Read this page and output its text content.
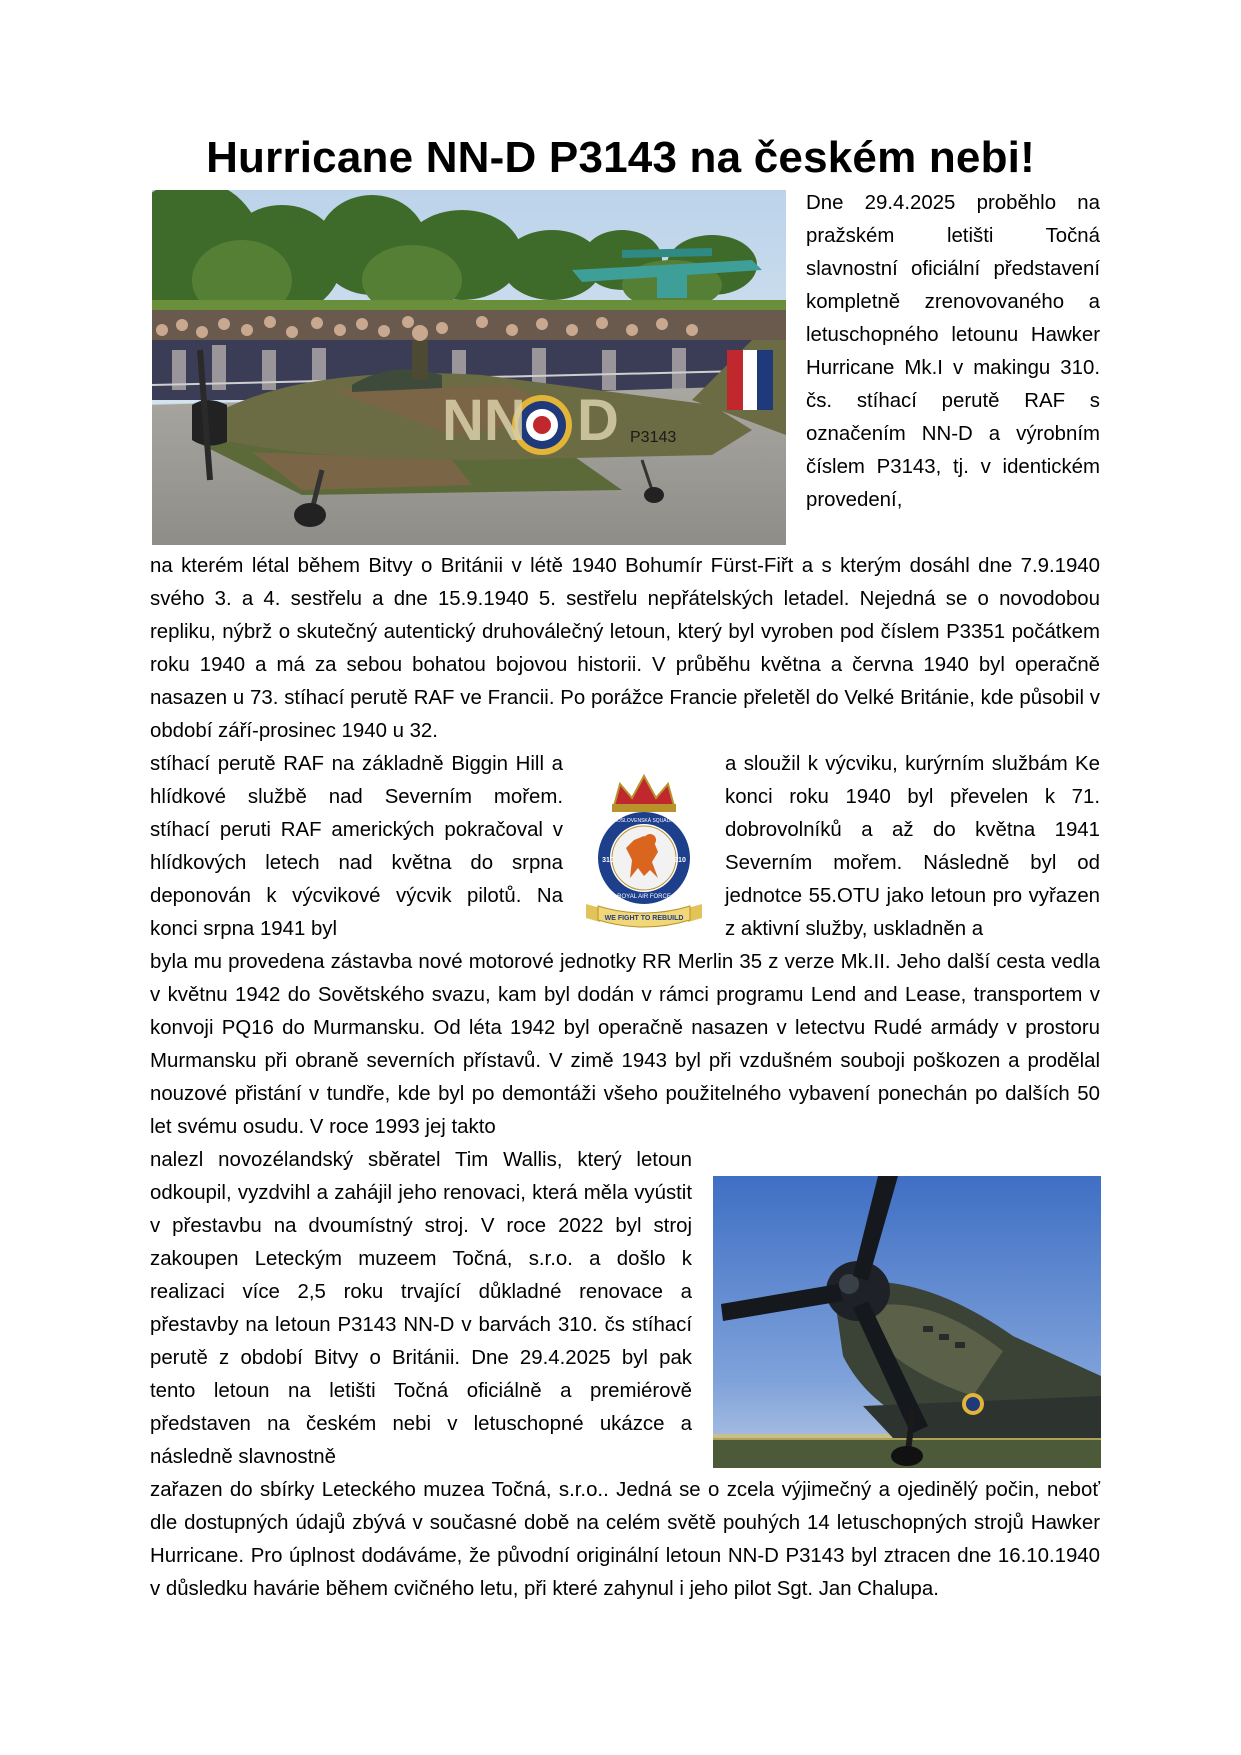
Hurricane NN-D P3143 na českém nebi!
NN D P3143

Dne 29.4.2025 proběhlo na pražském letišti Točná slavnostní oficiální představení kompletně zrenovovaného a letuschopného letounu Hawker Hurricane Mk.I v makingu 310. čs. stíhací perutě RAF s označením NN-D a výrobním číslem P3143, tj. v identickém provedení,

na kterém létal během Bitvy o Británii v létě 1940 Bohumír Fürst-Fiřt a s kterým dosáhl dne 7.9.1940 svého 3. a 4. sestřelu a dne 15.9.1940 5. sestřelu nepřátelských letadel. Nejedná se o novodobou repliku, nýbrž o skutečný autentický druhoválečný letoun, který byl vyroben pod číslem P3351 počátkem roku 1940 a má za sebou bohatou bojovou historii. V průběhu května a června 1940 byl operačně nasazen u 73. stíhací perutě RAF ve Francii. Po porážce Francie přeletěl do Velké Británie, kde působil v období září-prosinec 1940 u 32.

stíhací perutě RAF na základně Biggin Hill a hlídkové službě nad Severním mořem. stíhací peruti RAF amerických pokračoval v hlídkových letech nad května do srpna deponován k výcvikové výcvik pilotů. Na konci srpna 1941 byl

ČESKOSLOVENSKÁ SQUADRONA
310	310
ROYAL AIR FORCE
WE FIGHT TO REBUILD

a sloužil k výcviku, kurýrním službám Ke konci roku 1940 byl převelen k 71. dobrovolníků a až do května 1941 Severním mořem. Následně byl od jednotce 55.OTU jako letoun pro vyřazen z aktivní služby, uskladněn a

byla mu provedena zástavba nové motorové jednotky RR Merlin 35 z verze Mk.II. Jeho další cesta vedla v květnu 1942 do Sovětského svazu, kam byl dodán v rámci programu Lend and Lease, transportem v konvoji PQ16 do Murmansku. Od léta 1942 byl operačně nasazen v letectvu Rudé armády v prostoru Murmansku při obraně severních přístavů. V zimě 1943 byl při vzdušném souboji poškozen a prodělal nouzové přistání v tundře, kde byl po demontáži všeho použitelného vybavení ponechán po dalších 50 let svému osudu. V roce 1993 jej takto

nalezl novozélandský sběratel Tim Wallis, který letoun odkoupil, vyzdvihl a zahájil jeho renovaci, která měla vyústit v přestavbu na dvoumístný stroj. V roce 2022 byl stroj zakoupen Leteckým muzeem Točná, s.r.o. a došlo k realizaci více 2,5 roku trvající důkladné renovace a přestavby na letoun P3143 NN-D v barvách 310. čs stíhací perutě z období Bitvy o Británii. Dne 29.4.2025 byl pak tento letoun na letišti Točná oficiálně a premiérově představen na českém nebi v letuschopné ukázce a následně slavnostně

zařazen do sbírky Leteckého muzea Točná, s.r.o.. Jedná se o zcela výjimečný a ojedinělý počin, neboť dle dostupných údajů zbývá v současné době na celém světě pouhých 14 letuschopných strojů Hawker Hurricane. Pro úplnost dodáváme, že původní originální letoun NN-D P3143 byl ztracen dne 16.10.1940 v důsledku havárie během cvičného letu, při které zahynul i jeho pilot Sgt. Jan Chalupa.
